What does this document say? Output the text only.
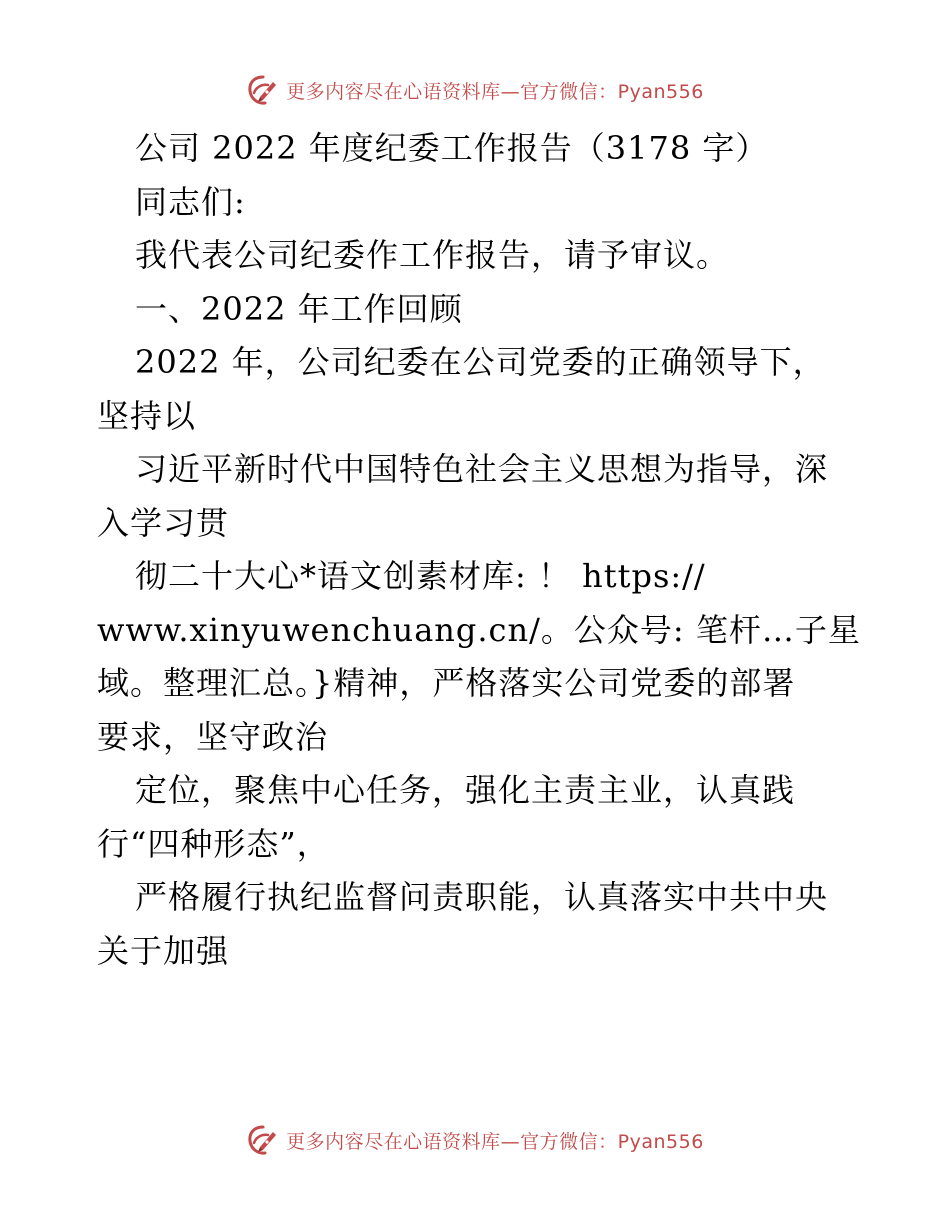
更多内容尽在心语资料库—官方微信：Pyan556
公司 2022 年度纪委工作报告（3178 字）
同志们:
我代表公司纪委作工作报告，请予审议。
一、2022 年工作回顾
2022 年，公司纪委在公司党委的正确领导下，
坚持以
习近平新时代中国特色社会主义思想为指导，深
入学习贯
彻二十大心*语文创素材库: ！ https://
www.xinyuwenchuang.cn/。公众号: 笔杆…子星
域。整理汇总。}精神，严格落实公司党委的部署
要求，坚守政治
定位，聚焦中心任务，强化主责主业，认真践
行“四种形态”，
严格履行执纪监督问责职能，认真落实中共中央
关于加强
更多内容尽在心语资料库—官方微信：Pyan556
